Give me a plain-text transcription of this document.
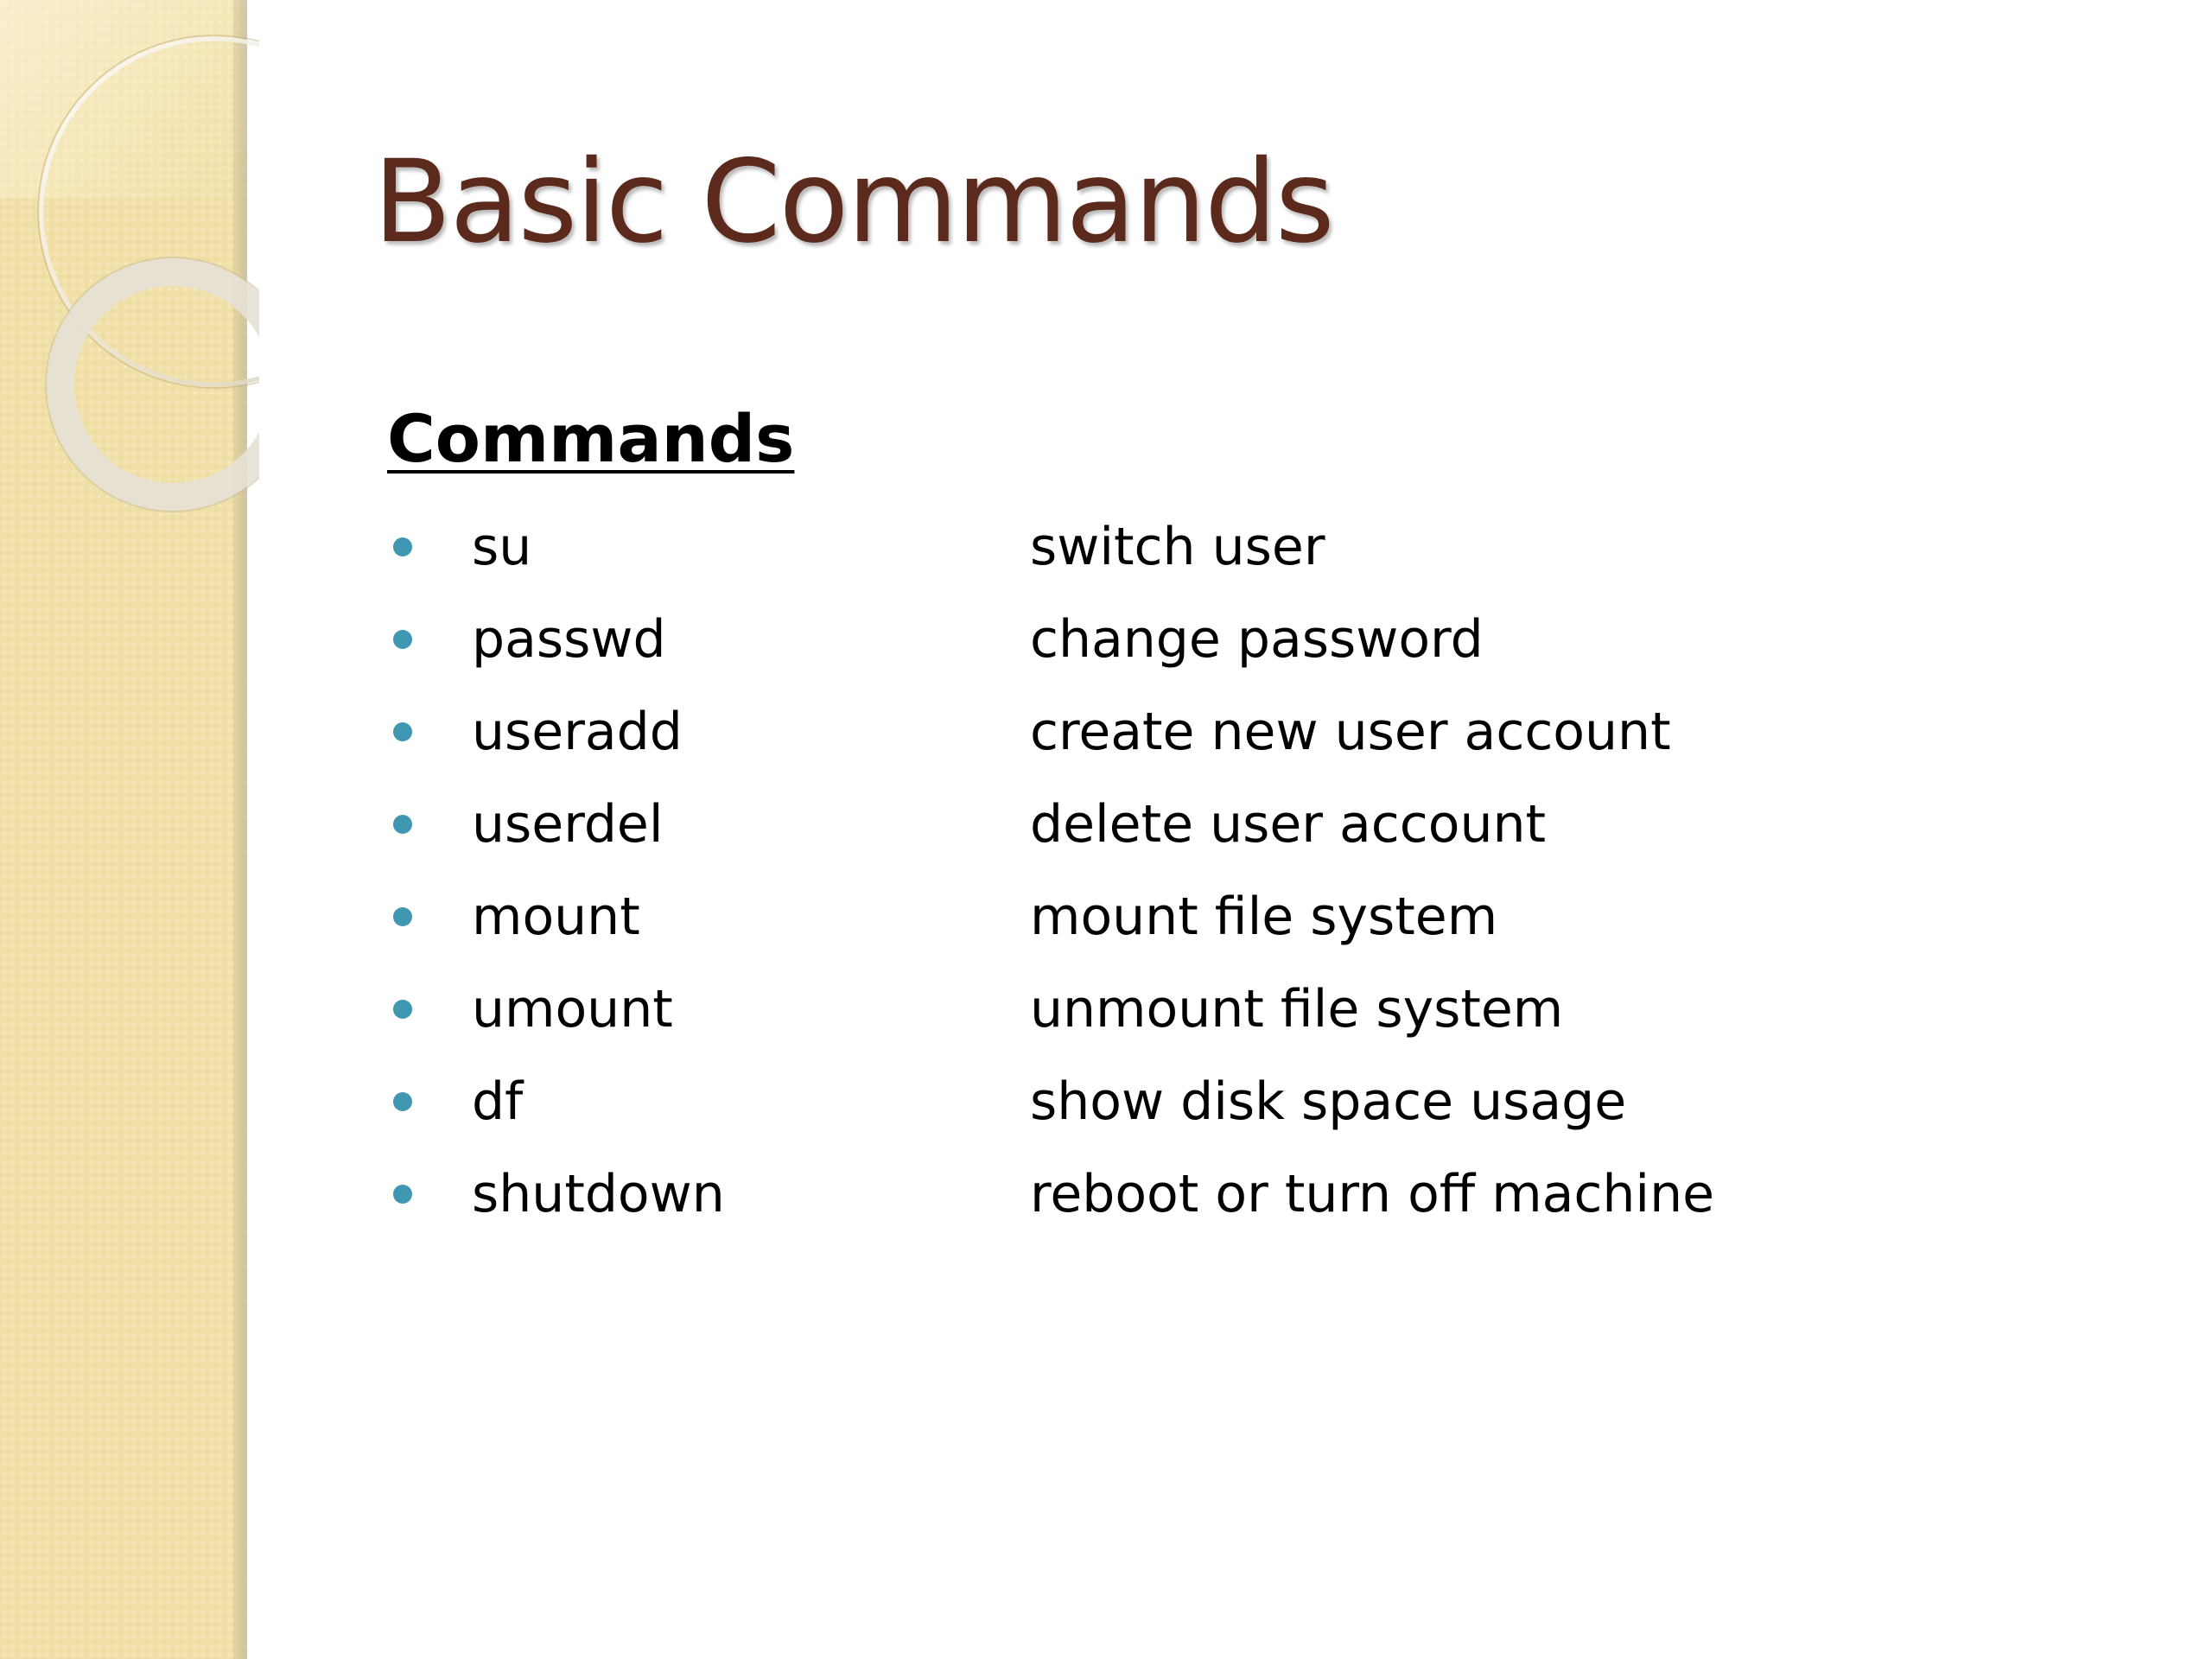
Basic Commands
Commands
su	switch user
passwd	change password
useradd	create new user account
userdel	delete user account
mount	mount file system
umount	unmount file system
df	show disk space usage
shutdown	reboot or turn off machine
